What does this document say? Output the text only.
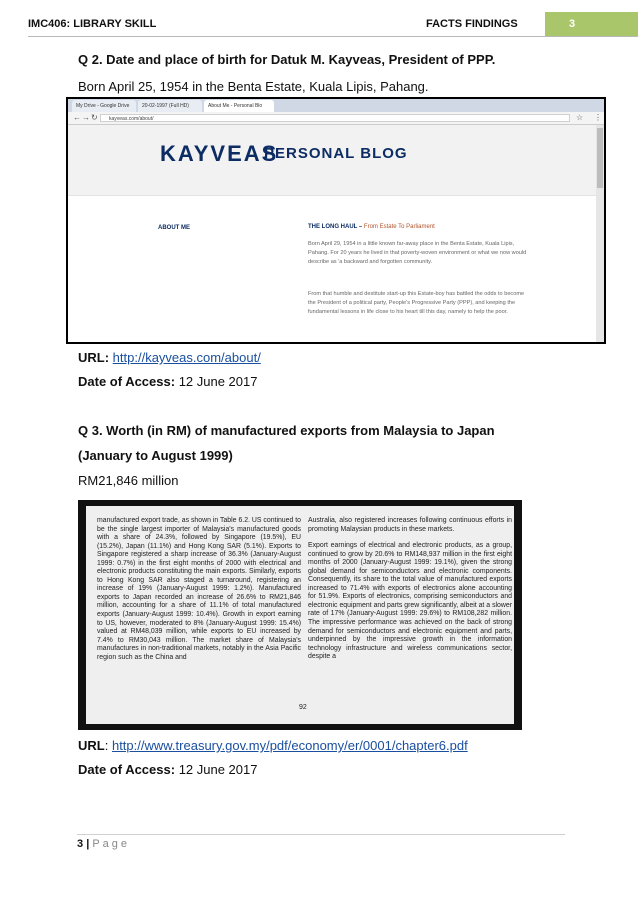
IMC406: LIBRARY SKILL	FACTS FINDINGS	3
Q 2. Date and place of birth for Datuk M. Kayveas, President of PPP.
Born April 25, 1954 in the Benta Estate, Kuala Lipis, Pahang.
My Drive - Google Drive	20-02-1997 (Full HD)	About Me - Personal Blo
← → ↻	kayveas.com/about/	☆ ⋮
KAYVEAS
PERSONAL BLOG
ABOUT ME	THE LONG HAUL – From Estate To Parliament
Born April 29, 1954 in a little known far-away place in the Benta Estate, Kuala Lipis, Pahang. For 20 years he lived in that poverty-woven environment or what we now would describe as 'a backward and forgotten community.
From that humble and destitute start-up this Estate-boy has battled the odds to become the President of a political party, People's Progressive Party (PPP), and keeping the fundamental lessons in life close to his heart till this day, namely to help the poor.
URL: http://kayveas.com/about/
Date of Access: 12 June 2017
Q 3. Worth (in RM) of manufactured exports from Malaysia to Japan
(January to August 1999)
RM21,846 million

manufactured export trade, as shown in Table 6.2. US continued to be the single largest importer of Malaysia's manufactured goods with a share of 24.3%, followed by Singapore (19.5%), EU (15.2%), Japan (11.1%) and Hong Kong SAR (5.1%). Exports to Singapore registered a sharp increase of 36.3% (January-August 1999: 0.7%) in the first eight months of 2000 with electrical and electronic products constituting the main exports. Similarly, exports to Hong Kong SAR also staged a turnaround, registering an increase of 19% (January-August 1999: 1.2%). Manufactured exports to Japan recorded an increase of 26.6% to RM21,846 million, accounting for a share of 11.1% of total manufactured exports (January-August 1999: 10.4%). Growth in export earning to US, however, moderated to 8% (January-August 1999: 15.4%) valued at RM48,039 million, while exports to EU increased by 7.4% to RM30,043 million. The market share of Malaysia's manufactures in non-traditional markets, notably in the Asia Pacific region such as the China and

Australia, also registered increases following continuous efforts in promoting Malaysian products in these markets.

Export earnings of electrical and electronic products, as a group, continued to grow by 20.6% to RM148,937 million in the first eight months of 2000 (January-August 1999: 19.1%), given the strong global demand for semiconductors and electronic components. Consequently, its share to the total value of manufactured exports increased to 71.4% with exports of electronics alone accounting for 51.9%. Exports of electronics, comprising semiconductors and electronic equipment and parts grew significantly, albeit at a slower rate of 17% (January-August 1999: 29.6%) to RM108,282 million. The impressive performance was achieved on the back of strong demand for semiconductors and electronic equipment and parts, underpinned by the impressive growth in the information technology infrastructure and wireless communications sector, despite a

92
URL: http://www.treasury.gov.my/pdf/economy/er/0001/chapter6.pdf
Date of Access: 12 June 2017
3 | Page
